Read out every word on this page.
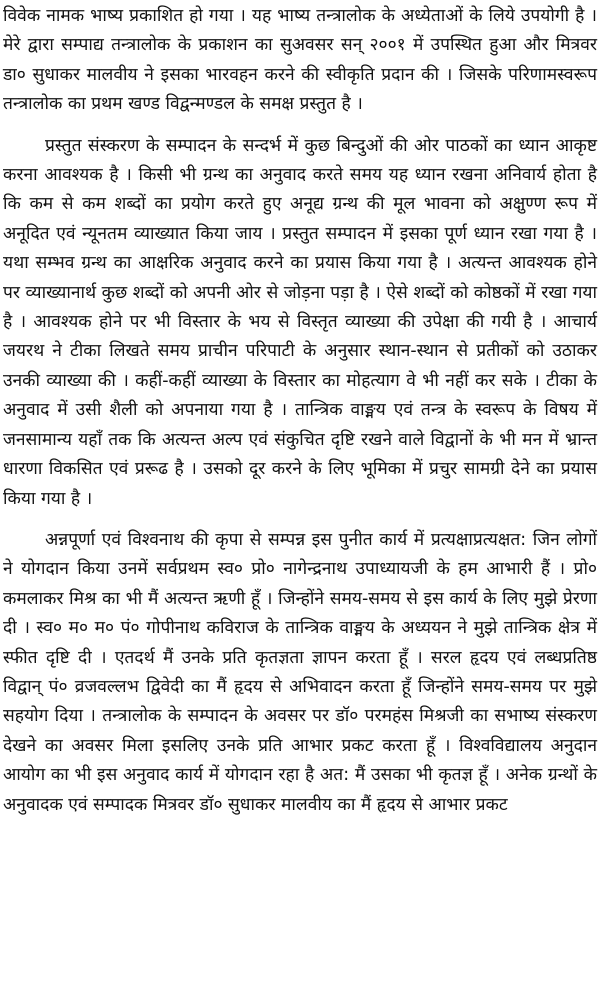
विवेक नामक भाष्य प्रकाशित हो गया । यह भाष्य तन्त्रालोक के अध्येताओं के लिये उपयोगी है । मेरे द्वारा सम्पाद्य तन्त्रालोक के प्रकाशन का सुअवसर सन् २००१ में उपस्थित हुआ और मित्रवर डा० सुधाकर मालवीय ने इसका भारवहन करने की स्वीकृति प्रदान की । जिसके परिणामस्वरूप तन्त्रालोक का प्रथम खण्ड विद्वन्मण्डल के समक्ष प्रस्तुत है ।

प्रस्तुत संस्करण के सम्पादन के सन्दर्भ में कुछ बिन्दुओं की ओर पाठकों का ध्यान आकृष्ट करना आवश्यक है । किसी भी ग्रन्थ का अनुवाद करते समय यह ध्यान रखना अनिवार्य होता है कि कम से कम शब्दों का प्रयोग करते हुए अनूद्य ग्रन्थ की मूल भावना को अक्षुण्ण रूप में अनूदित एवं न्यूनतम व्याख्यात किया जाय । प्रस्तुत सम्पादन में इसका पूर्ण ध्यान रखा गया है । यथा सम्भव ग्रन्थ का आक्षरिक अनुवाद करने का प्रयास किया गया है । अत्यन्त आवश्यक होने पर व्याख्यानार्थ कुछ शब्दों को अपनी ओर से जोड़ना पड़ा है । ऐसे शब्दों को कोष्ठकों में रखा गया है । आवश्यक होने पर भी विस्तार के भय से विस्तृत व्याख्या की उपेक्षा की गयी है । आचार्य जयरथ ने टीका लिखते समय प्राचीन परिपाटी के अनुसार स्थान-स्थान से प्रतीकों को उठाकर उनकी व्याख्या की । कहीं-कहीं व्याख्या के विस्तार का मोहत्याग वे भी नहीं कर सके । टीका के अनुवाद में उसी शैली को अपनाया गया है । तान्त्रिक वाङ्मय एवं तन्त्र के स्वरूप के विषय में जनसामान्य यहाँ तक कि अत्यन्त अल्प एवं संकुचित दृष्टि रखने वाले विद्वानों के भी मन में भ्रान्त धारणा विकसित एवं प्ररूढ है । उसको दूर करने के लिए भूमिका में प्रचुर सामग्री देने का प्रयास किया गया है ।

अन्नपूर्णा एवं विश्वनाथ की कृपा से सम्पन्न इस पुनीत कार्य में प्रत्यक्षाप्रत्यक्षत: जिन लोगों ने योगदान किया उनमें सर्वप्रथम स्व० प्रो० नागेन्द्रनाथ उपाध्यायजी के हम आभारी हैं । प्रो० कमलाकर मिश्र का भी मैं अत्यन्त ऋणी हूँ । जिन्होंने समय-समय से इस कार्य के लिए मुझे प्रेरणा दी । स्व० म० म० पं० गोपीनाथ कविराज के तान्त्रिक वाङ्मय के अध्ययन ने मुझे तान्त्रिक क्षेत्र में स्फीत दृष्टि दी । एतदर्थ मैं उनके प्रति कृतज्ञता ज्ञापन करता हूँ । सरल हृदय एवं लब्धप्रतिष्ठ विद्वान् पं० व्रजवल्लभ द्विवेदी का मैं हृदय से अभिवादन करता हूँ जिन्होंने समय-समय पर मुझे सहयोग दिया । तन्त्रालोक के सम्पादन के अवसर पर डॉ० परमहंस मिश्रजी का सभाष्य संस्करण देखने का अवसर मिला इसलिए उनके प्रति आभार प्रकट करता हूँ । विश्वविद्यालय अनुदान आयोग का भी इस अनुवाद कार्य में योगदान रहा है अत: मैं उसका भी कृतज्ञ हूँ । अनेक ग्रन्थों के अनुवादक एवं सम्पादक मित्रवर डॉ० सुधाकर मालवीय का मैं हृदय से आभार प्रकट
